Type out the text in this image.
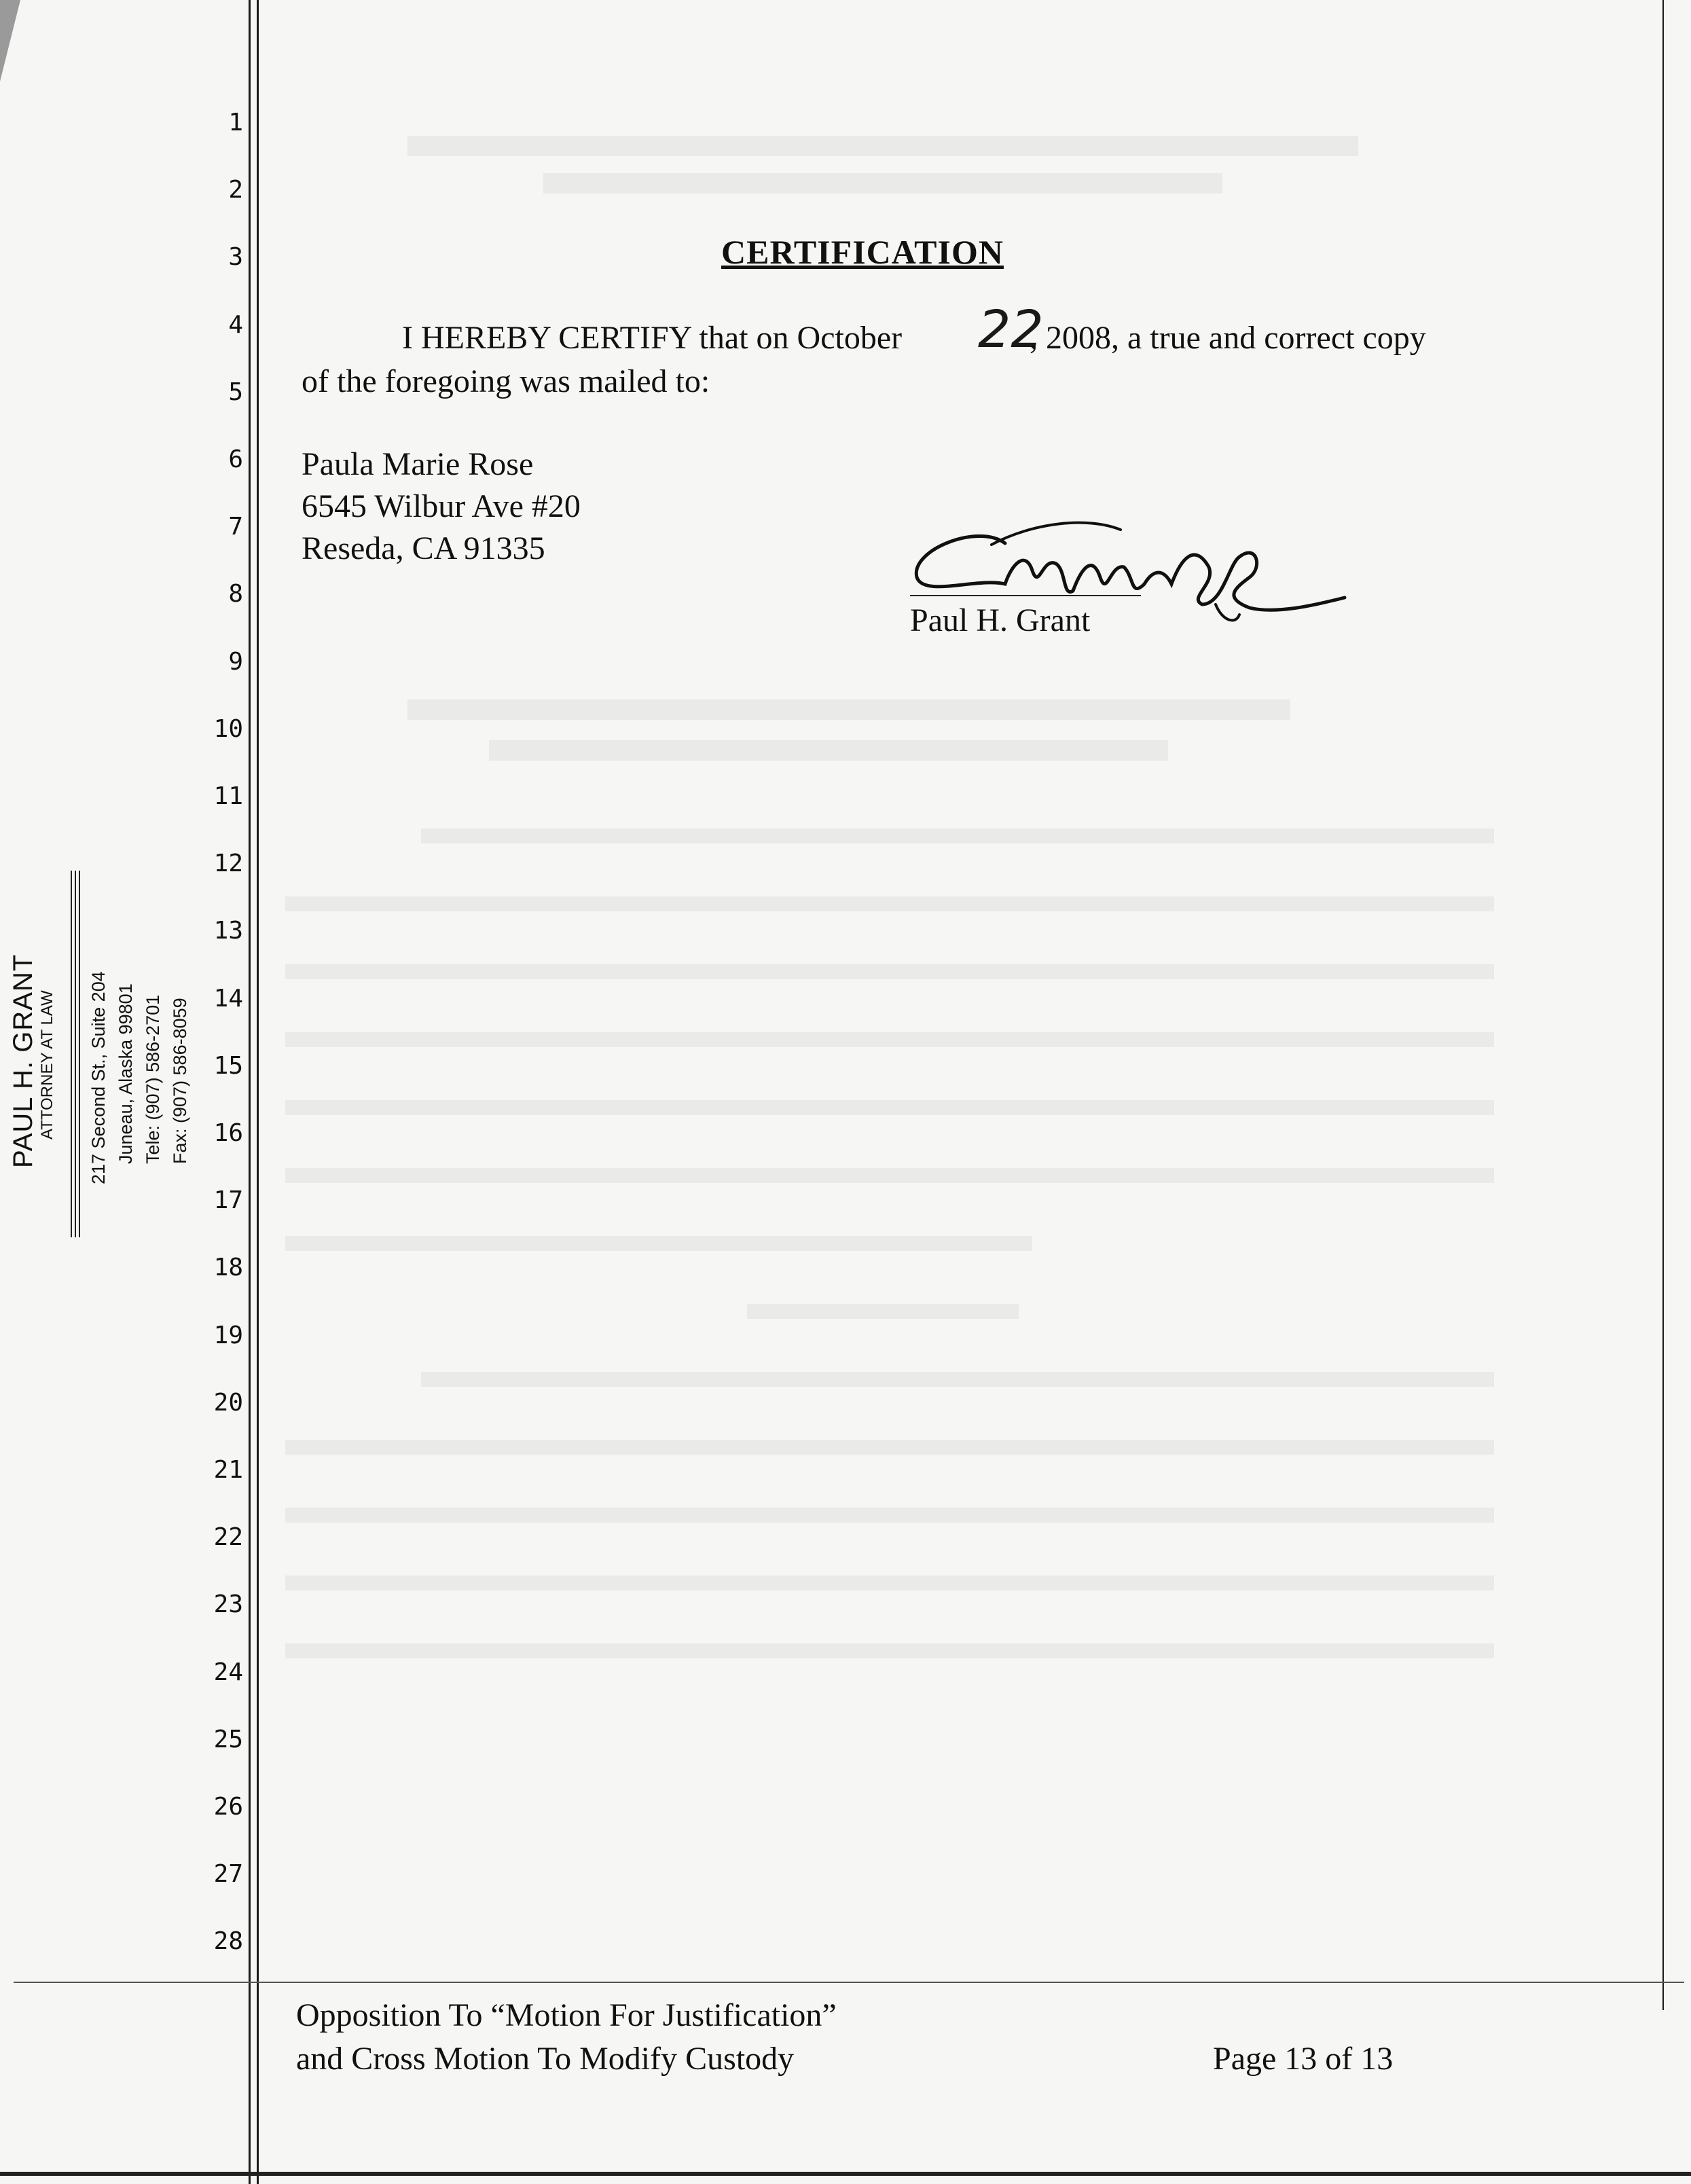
1
2
3
4
5
6
7
8
9
10
11
12
13
14
15
16
17
18
19
20
21
22
23
24
25
26
27
28
PAUL H. GRANT ATTORNEY AT LAW 217 Second St., Suite 204 Juneau, Alaska 99801 Tele: (907) 586-2701 Fax: (907) 586-8059
CERTIFICATION
I HEREBY CERTIFY that on October 22
, 2008, a true and correct copy
of the foregoing was mailed to:
Paula Marie Rose
6545 Wilbur Ave #20
Reseda, CA 91335
Paul H. Grant
Opposition To “Motion For Justification”
and Cross Motion To Modify Custody	Page 13 of 13
